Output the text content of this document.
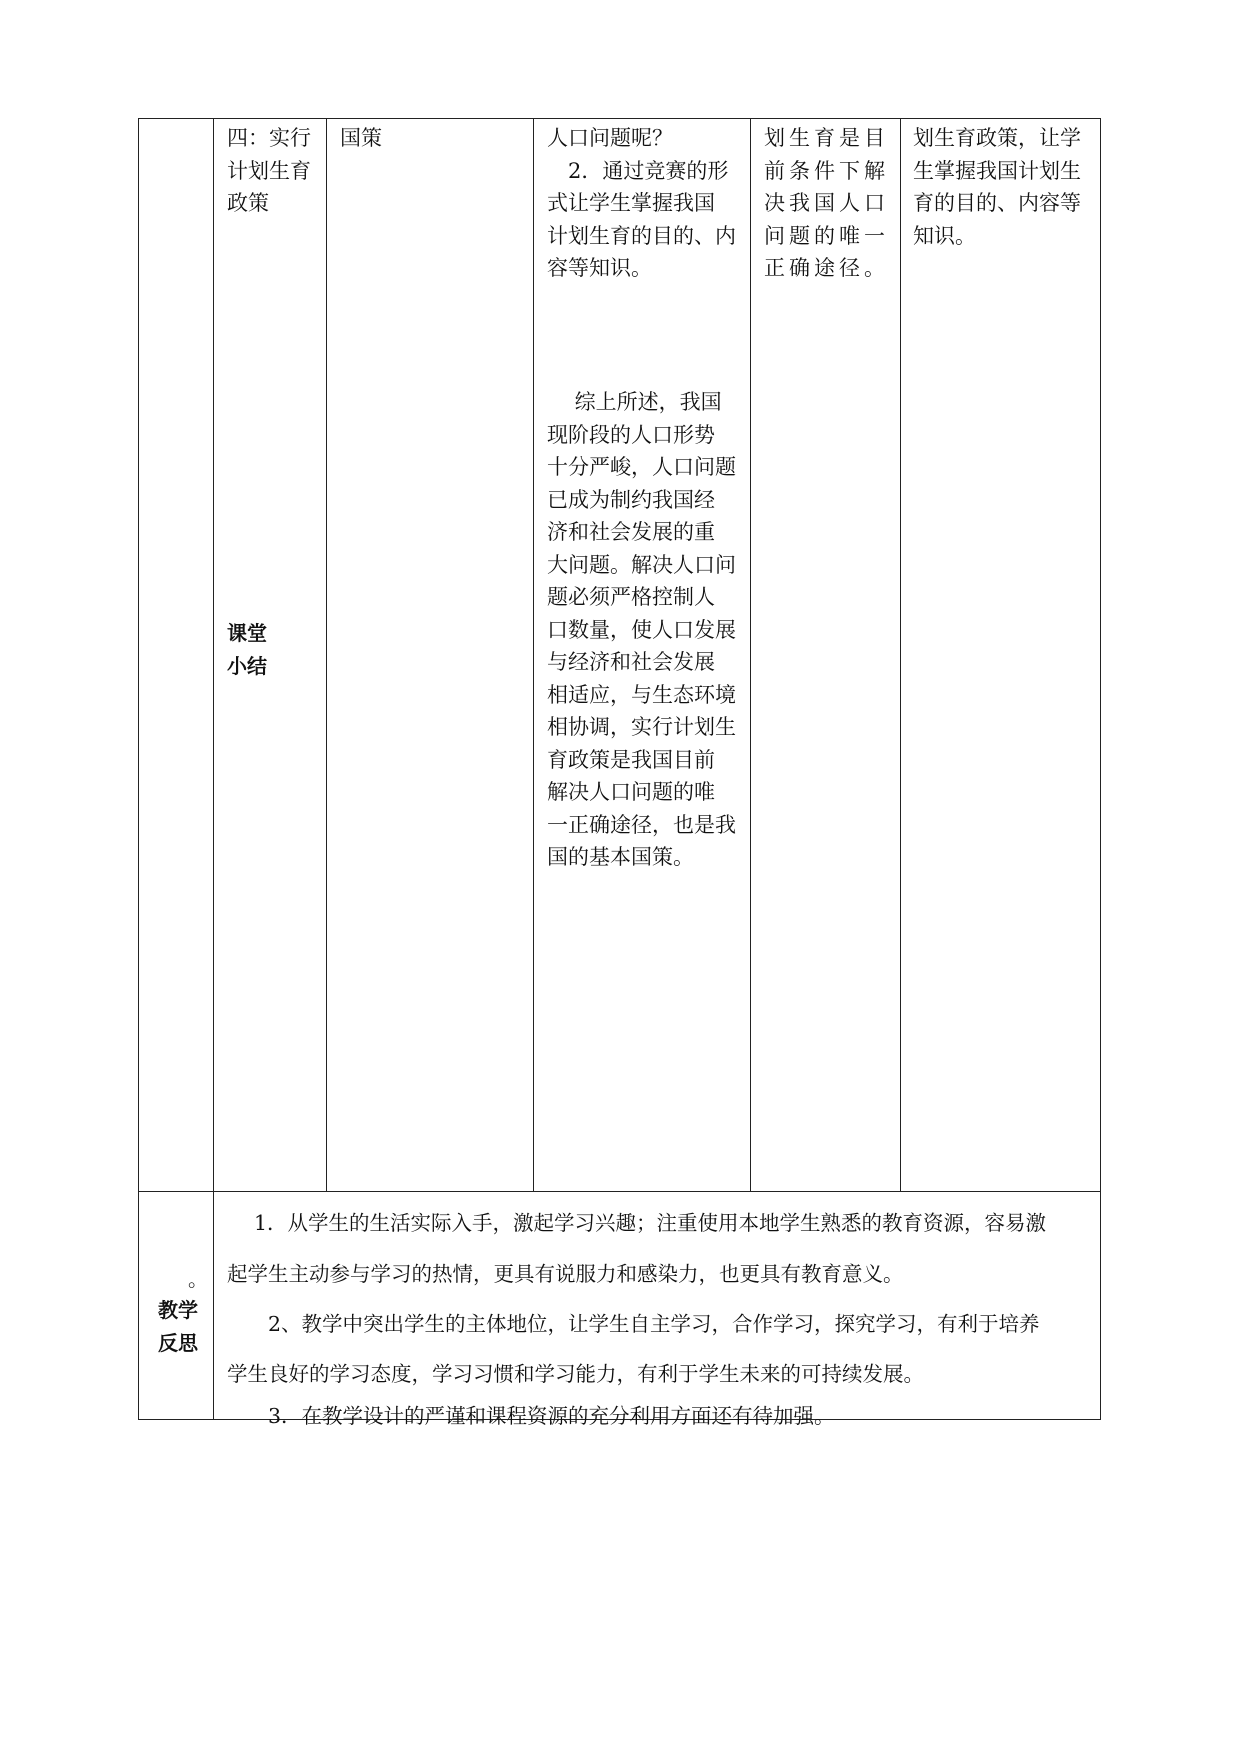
四：实行
计划生育
政策
课堂
小结
国策	人口问题呢？
　2．通过竞赛的形
式让学生掌握我国
计划生育的目的、内
容等知识。
　 综上所述，我国
现阶段的人口形势
十分严峻，人口问题
已成为制约我国经
济和社会发展的重
大问题。解决人口问
题必须严格控制人
口数量，使人口发展
与经济和社会发展
相适应，与生态环境
相协调，实行计划生
育政策是我国目前
解决人口问题的唯
一正确途径，也是我
国的基本国策。
划生育是目
前条件下解
决我国人口
问题的唯一
正确途径。
划生育政策，让学
生掌握我国计划生
育的目的、内容等
知识。
。
教学
反思
　 1．从学生的生活实际入手，激起学习兴趣；注重使用本地学生熟悉的教育资源，容易激
起学生主动参与学习的热情，更具有说服力和感染力，也更具有教育意义。
　　2、教学中突出学生的主体地位，让学生自主学习，合作学习，探究学习，有利于培养
学生良好的学习态度，学习习惯和学习能力，有利于学生未来的可持续发展。
　　3．在教学设计的严谨和课程资源的充分利用方面还有待加强。
